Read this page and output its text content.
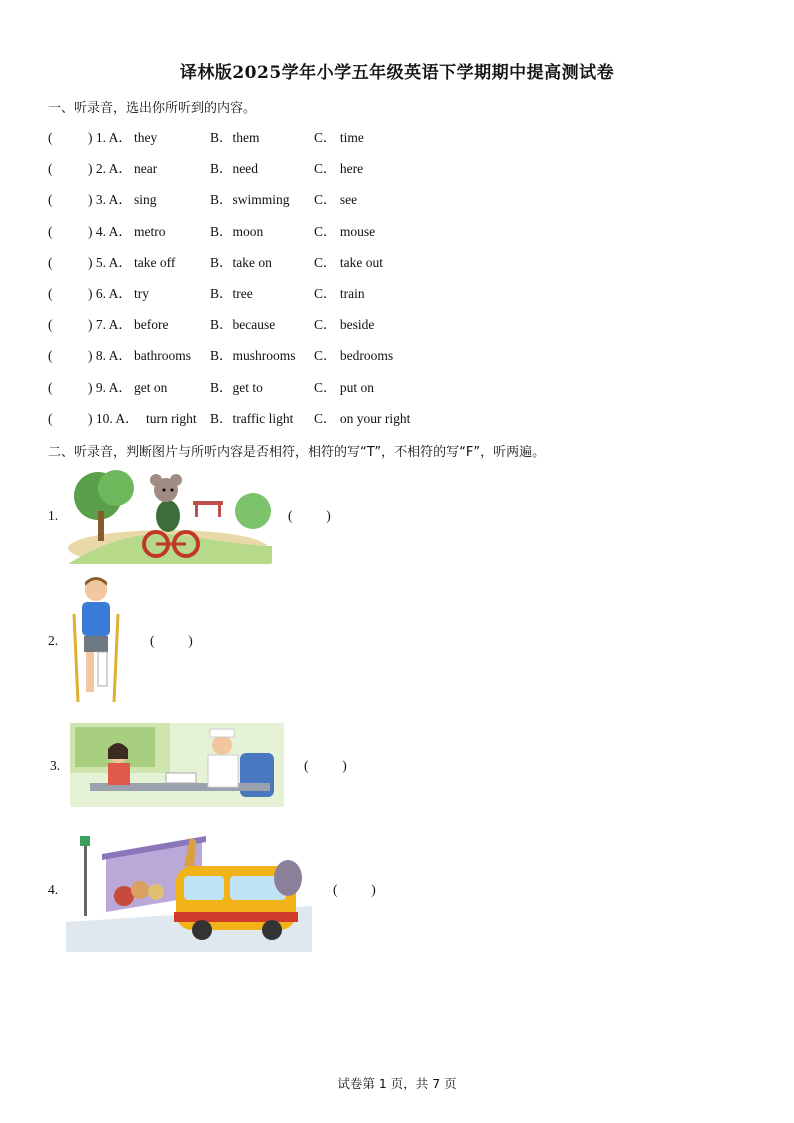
译林版2025学年小学五年级英语下学期期中提高测试卷
一、听录音，选出你所听到的内容。
(	) 1. A． they	B．them	C． time
(	) 2. A． near	B．need	C． here
(	) 3. A． sing	B．swimming C． see
(	) 4. A． metro	B．moon	C． mouse
(	) 5. A． take off	B．take on	C． take out
(	) 6. A． try	B．tree	C． train
(	) 7. A． before	B．because	C． beside
(	) 8. A． bathrooms B．mushrooms C． bedrooms
(	) 9. A． get on	B．get to	C． put on
(	) 10. A． turn right B．traffic light C． on your right
二、听录音，判断图片与所听内容是否相符，相符的写“T”，不相符的写“F”，听两遍。
1.	(          )
2.	(          )
3.	(          )
4.	(          )
试卷第 1 页，共 7 页
